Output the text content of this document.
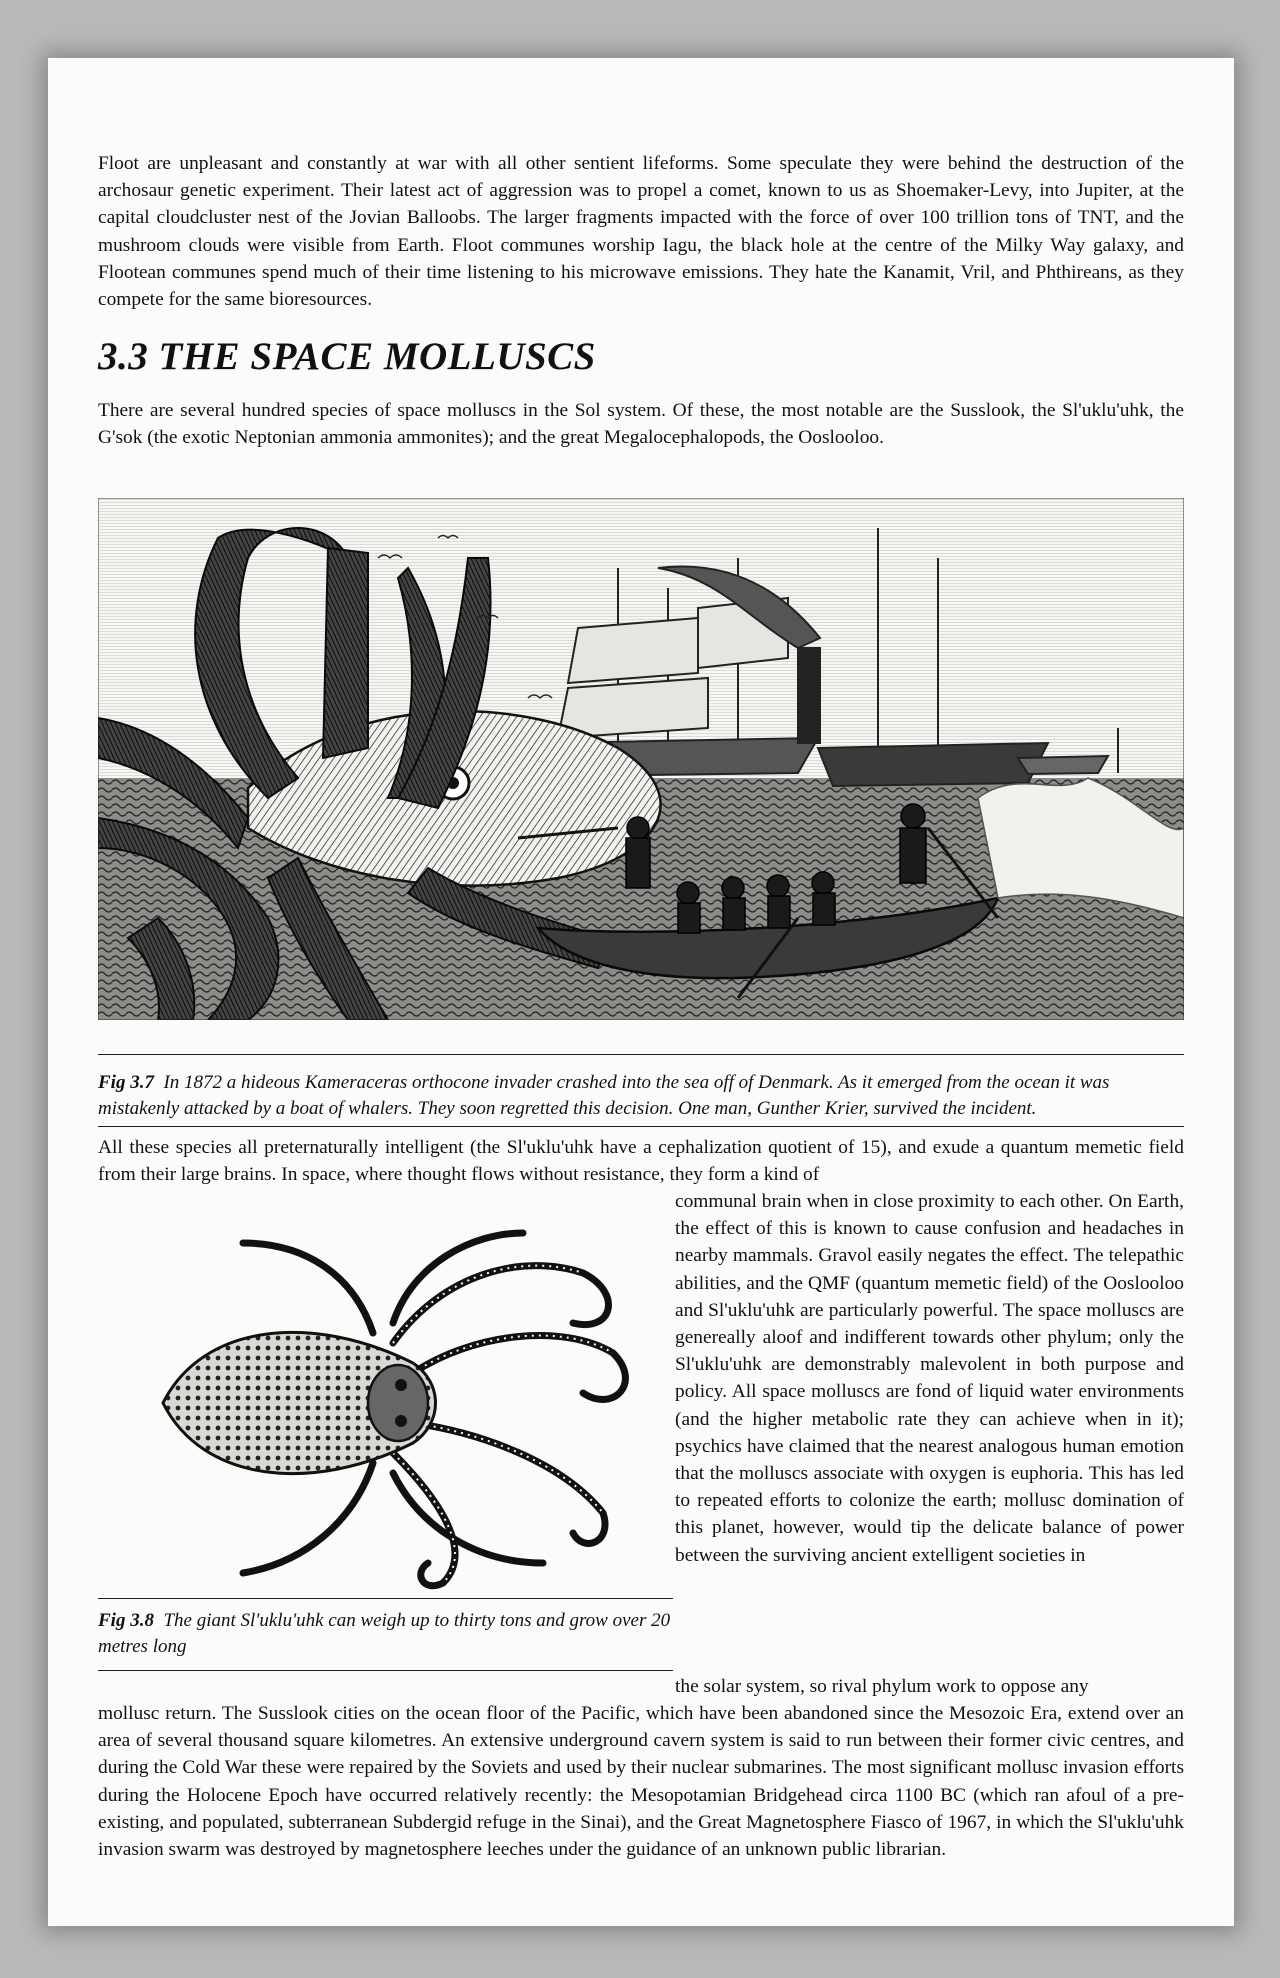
Floot are unpleasant and constantly at war with all other sentient lifeforms. Some speculate they were behind the destruction of the archosaur genetic experiment. Their latest act of aggression was to propel a comet, known to us as Shoemaker-Levy, into Jupiter, at the capital cloudcluster nest of the Jovian Balloobs. The larger fragments impacted with the force of over 100 trillion tons of TNT, and the mushroom clouds were visible from Earth. Floot communes worship Iagu, the black hole at the centre of the Milky Way galaxy, and Flootean communes spend much of their time listening to his microwave emissions. They hate the Kanamit, Vril, and Phthireans, as they compete for the same bioresources.

3.3 THE SPACE MOLLUSCS

There are several hundred species of space molluscs in the Sol system. Of these, the most notable are the Susslook, the Sl'uklu'uhk, the G'sok (the exotic Neptonian ammonia ammonites); and the great Megalocephalopods, the Ooslooloo.

Fig 3.7 In 1872 a hideous Kameraceras orthocone invader crashed into the sea off of Denmark. As it emerged from the ocean it was mistakenly attacked by a boat of whalers. They soon regretted this decision. One man, Gunther Krier, survived the incident.

All these species all preternaturally intelligent (the Sl'uklu'uhk have a cephalization quotient of 15), and exude a quantum memetic field from their large brains. In space, where thought flows without resistance, they form a kind of

communal brain when in close proximity to each other. On Earth, the effect of this is known to cause confusion and headaches in nearby mammals. Gravol easily negates the effect. The telepathic abilities, and the QMF (quantum memetic field) of the Ooslooloo and Sl'uklu'uhk are particularly powerful. The space molluscs are genereally aloof and indifferent towards other phylum; only the Sl'uklu'uhk are demonstrably malevolent in both purpose and policy. All space molluscs are fond of liquid water environments (and the higher metabolic rate they can achieve when in it); psychics have claimed that the nearest analogous human emotion that the molluscs associate with oxygen is euphoria. This has led to repeated efforts to colonize the earth; mollusc domination of this planet, however, would tip the delicate balance of power between the surviving ancient extelligent societies in

Fig 3.8 The giant Sl'uklu'uhk can weigh up to thirty tons and grow over 20 metres long

the solar system, so rival phylum work to oppose any

mollusc return. The Susslook cities on the ocean floor of the Pacific, which have been abandoned since the Mesozoic Era, extend over an area of several thousand square kilometres. An extensive underground cavern system is said to run between their former civic centres, and during the Cold War these were repaired by the Soviets and used by their nuclear submarines. The most significant mollusc invasion efforts during the Holocene Epoch have occurred relatively recently: the Mesopotamian Bridgehead circa 1100 BC (which ran afoul of a pre-existing, and populated, subterranean Subdergid refuge in the Sinai), and the Great Magnetosphere Fiasco of 1967, in which the Sl'uklu'uhk invasion swarm was destroyed by magnetosphere leeches under the guidance of an unknown public librarian.
